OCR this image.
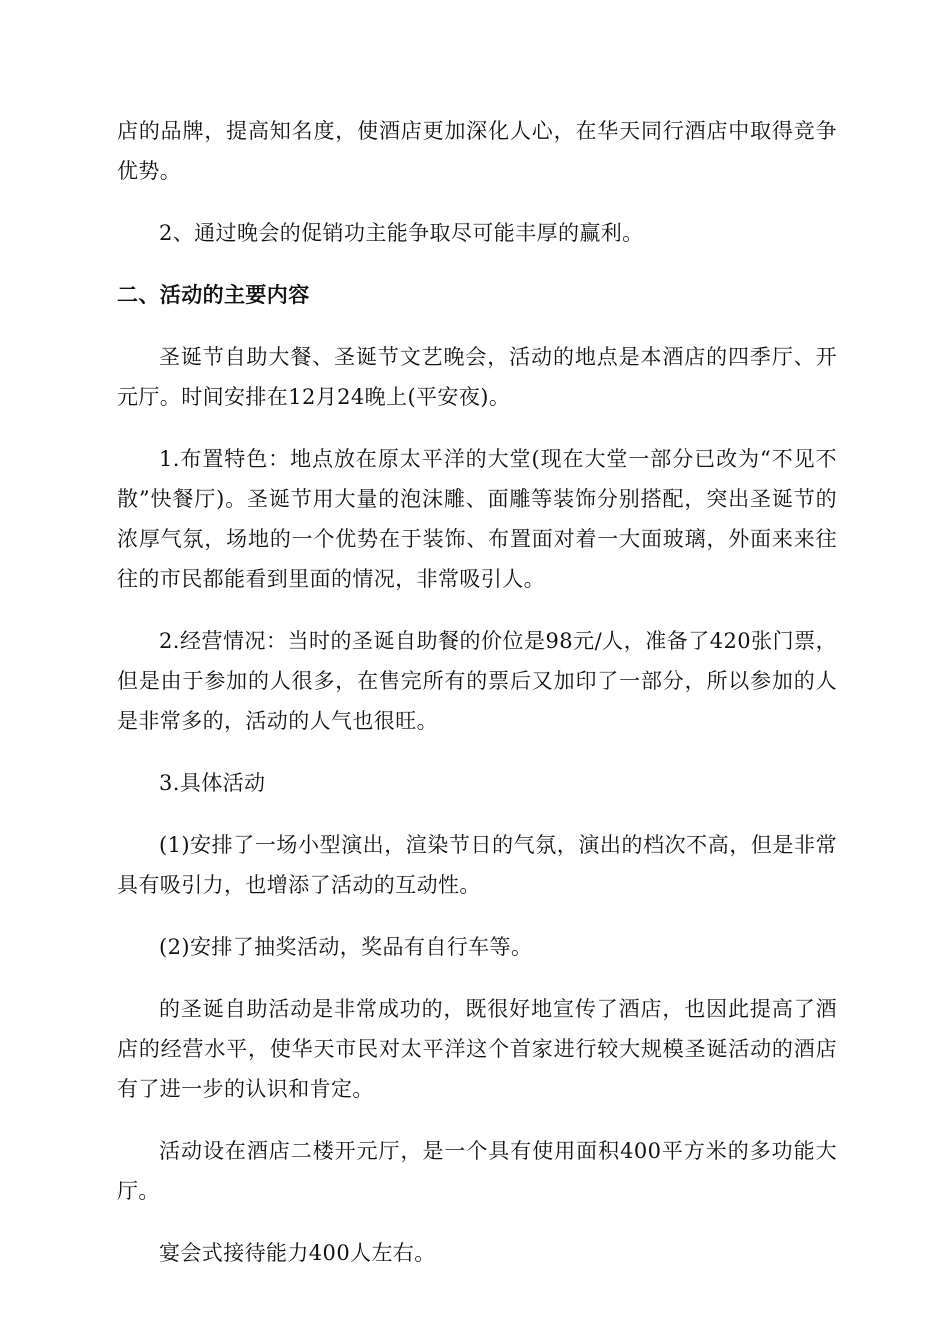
店的品牌，提高知名度，使酒店更加深化人心，在华天同行酒店中取得竞争优势。

2、通过晚会的促销功主能争取尽可能丰厚的赢利。

二、活动的主要内容

圣诞节自助大餐、圣诞节文艺晚会，活动的地点是本酒店的四季厅、开元厅。时间安排在12月24晚上(平安夜)。

1.布置特色：地点放在原太平洋的大堂(现在大堂一部分已改为“不见不散”快餐厅)。圣诞节用大量的泡沫雕、面雕等装饰分别搭配，突出圣诞节的浓厚气氛，场地的一个优势在于装饰、布置面对着一大面玻璃，外面来来往往的市民都能看到里面的情况，非常吸引人。

2.经营情况：当时的圣诞自助餐的价位是98元/人，准备了420张门票，但是由于参加的人很多，在售完所有的票后又加印了一部分，所以参加的人是非常多的，活动的人气也很旺。

3.具体活动

(1)安排了一场小型演出，渲染节日的气氛，演出的档次不高，但是非常具有吸引力，也增添了活动的互动性。

(2)安排了抽奖活动，奖品有自行车等。

的圣诞自助活动是非常成功的，既很好地宣传了酒店，也因此提高了酒店的经营水平，使华天市民对太平洋这个首家进行较大规模圣诞活动的酒店有了进一步的认识和肯定。

活动设在酒店二楼开元厅，是一个具有使用面积400平方米的多功能大厅。

宴会式接待能力400人左右。
